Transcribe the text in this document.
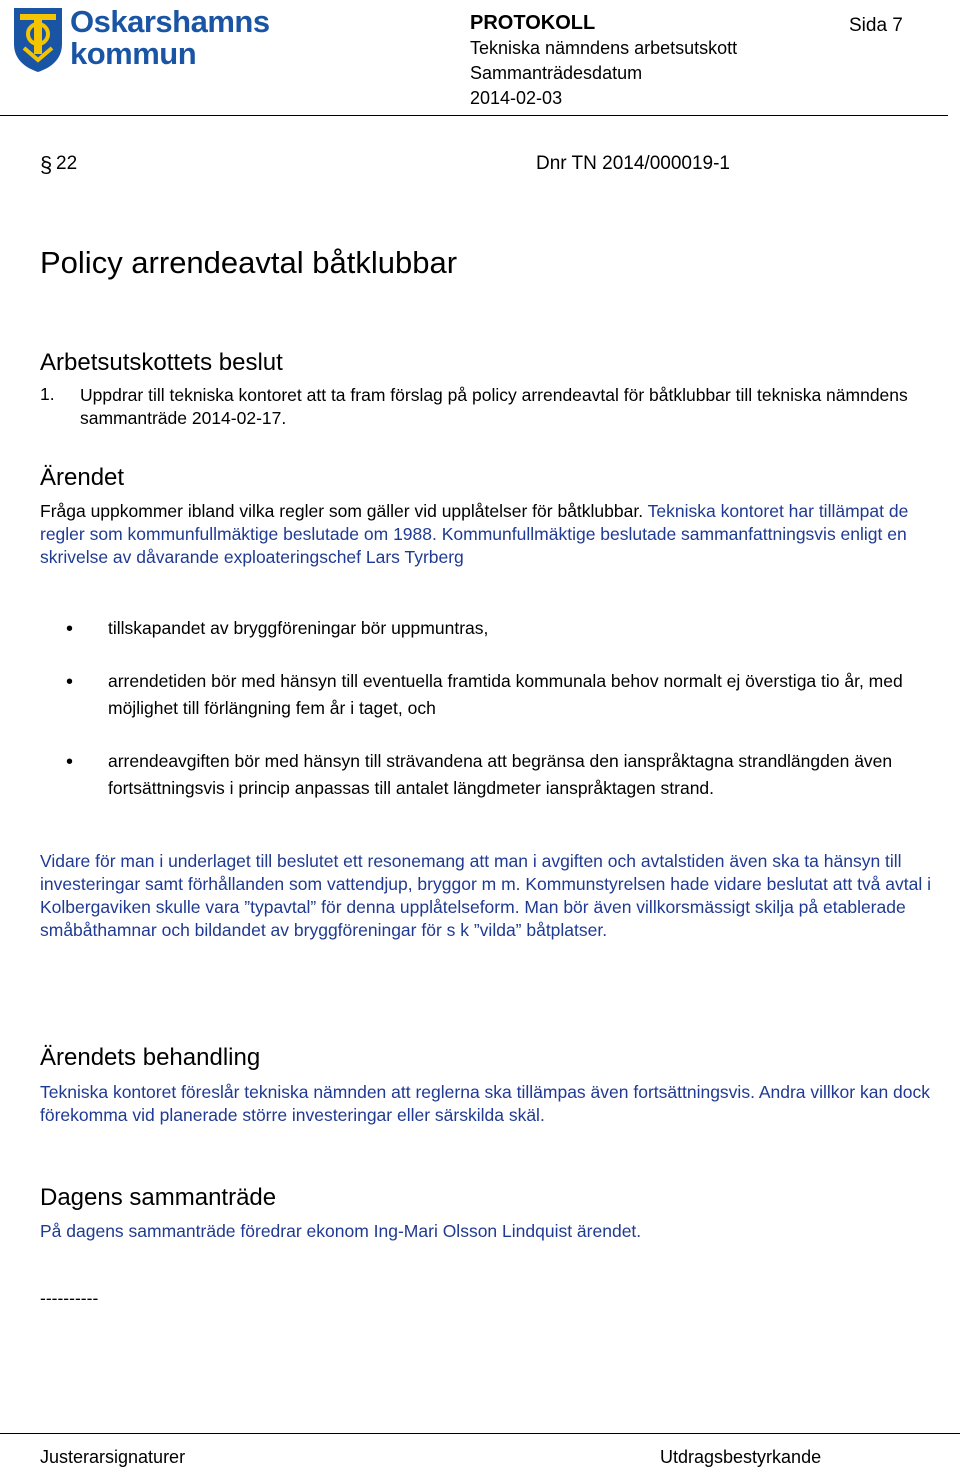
Oskarshamns
kommun
PROTOKOLL	Sida 7
Tekniska nämndens arbetsutskott
Sammanträdesdatum
2014-02-03
§ 22	Dnr TN 2014/000019-1
Policy arrendeavtal båtklubbar
Arbetsutskottets beslut
1. Uppdrar till tekniska kontoret att ta fram förslag på policy arrendeavtal för båtklubbar till tekniska nämndens sammanträde 2014-02-17.
Ärendet
Fråga uppkommer ibland vilka regler som gäller vid upplåtelser för båtklubbar. Tekniska kontoret har tillämpat de regler som kommunfullmäktige beslutade om 1988. Kommunfullmäktige beslutade sammanfattningsvis enligt en skrivelse av dåvarande exploateringschef Lars Tyrberg
• tillskapandet av bryggföreningar bör uppmuntras,
• arrendetiden bör med hänsyn till eventuella framtida kommunala behov normalt ej överstiga tio år, med möjlighet till förlängning fem år i taget, och
• arrendeavgiften bör med hänsyn till strävandena att begränsa den ianspråktagna strandlängden även fortsättningsvis i princip anpassas till antalet längdmeter ianspråktagen strand.
Vidare för man i underlaget till beslutet ett resonemang att man i avgiften och avtalstiden även ska ta hänsyn till investeringar samt förhållanden som vattendjup, bryggor m m. Kommunstyrelsen hade vidare beslutat att två avtal i Kolbergaviken skulle vara ”typavtal” för denna upplåtelseform. Man bör även villkorsmässigt skilja på etablerade småbåthamnar och bildandet av bryggföreningar för s k ”vilda” båtplatser.
Ärendets behandling
Tekniska kontoret föreslår tekniska nämnden att reglerna ska tillämpas även fortsättningsvis. Andra villkor kan dock förekomma vid planerade större investeringar eller särskilda skäl.
Dagens sammanträde
På dagens sammanträde föredrar ekonom Ing-Mari Olsson Lindquist ärendet.
----------
Justerarsignaturer	Utdragsbestyrkande
